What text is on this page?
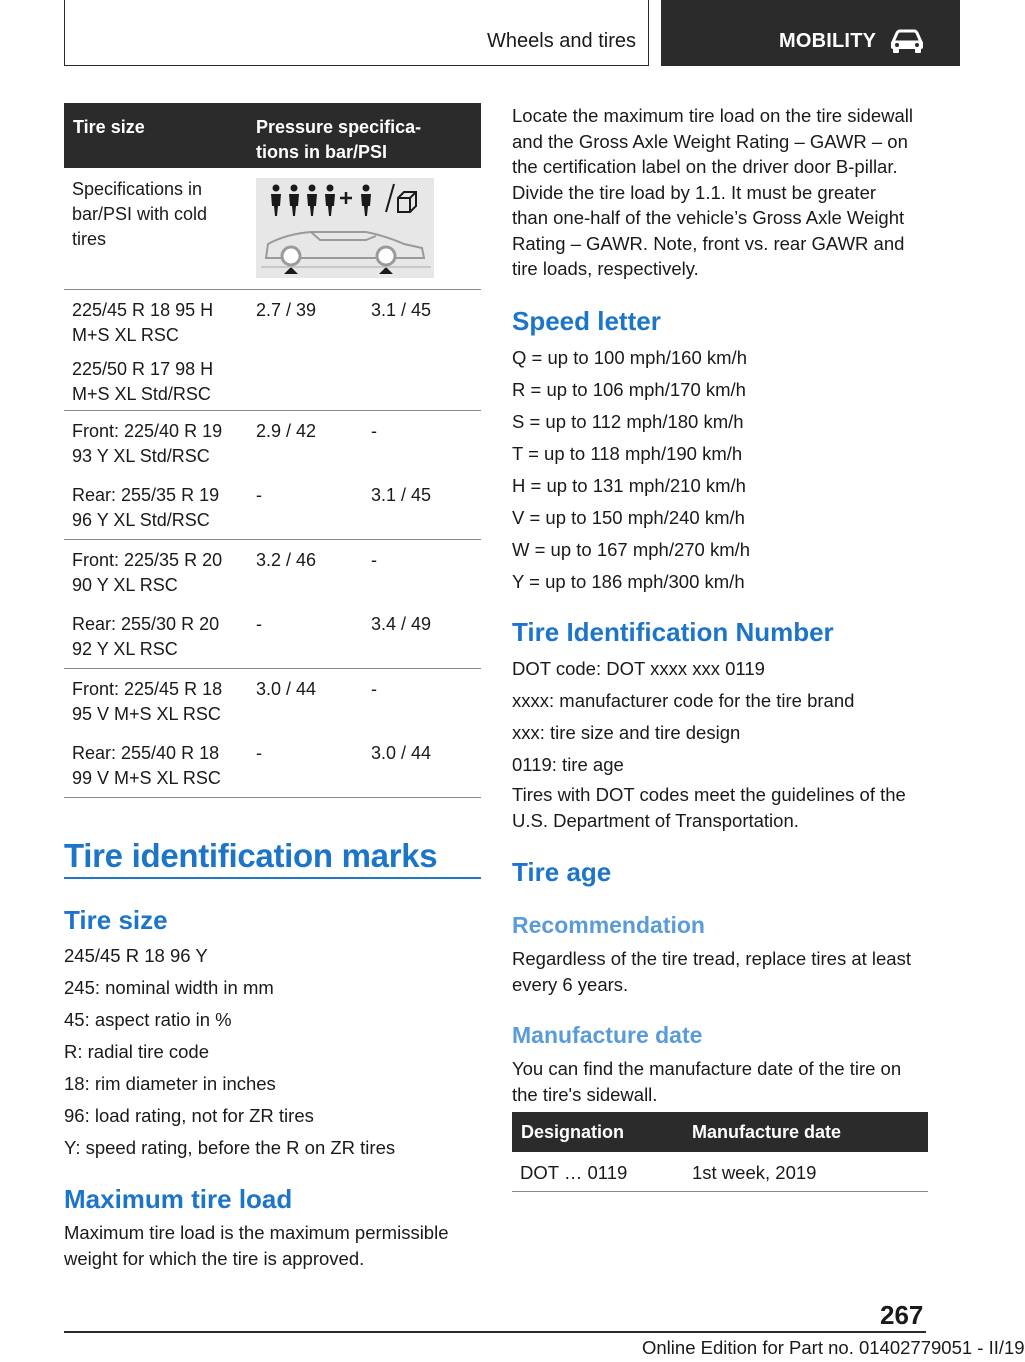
Wheels and tires	MOBILITY
Tire size	Pressure specifica-
tions in bar/PSI
Specifications in
bar/PSI with cold
tires
225/45 R 18 95 H
M+S XL RSC
225/50 R 17 98 H
M+S XL Std/RSC
2.7 / 39	3.1 / 45
Front: 225/40 R 19
93 Y XL Std/RSC
2.9 / 42	-
Rear: 255/35 R 19
96 Y XL Std/RSC
-	3.1 / 45
Front: 225/35 R 20
90 Y XL RSC
3.2 / 46	-
Rear: 255/30 R 20
92 Y XL RSC
-	3.4 / 49
Front: 225/45 R 18
95 V M+S XL RSC
3.0 / 44	-
Rear: 255/40 R 18
99 V M+S XL RSC
-	3.0 / 44
Tire identification marks
Tire size
245/45 R 18 96 Y
245: nominal width in mm
45: aspect ratio in %
R: radial tire code
18: rim diameter in inches
96: load rating, not for ZR tires
Y: speed rating, before the R on ZR tires
Maximum tire load
Maximum tire load is the maximum permissible
weight for which the tire is approved.
Locate the maximum tire load on the tire sidewall
and the Gross Axle Weight Rating – GAWR – on
the certification label on the driver door B-pillar.
Divide the tire load by 1.1. It must be greater
than one-half of the vehicle’s Gross Axle Weight
Rating – GAWR. Note, front vs. rear GAWR and
tire loads, respectively.
Speed letter
Q = up to 100 mph/160 km/h
R = up to 106 mph/170 km/h
S = up to 112 mph/180 km/h
T = up to 118 mph/190 km/h
H = up to 131 mph/210 km/h
V = up to 150 mph/240 km/h
W = up to 167 mph/270 km/h
Y = up to 186 mph/300 km/h
Tire Identification Number
DOT code: DOT xxxx xxx 0119
xxxx: manufacturer code for the tire brand
xxx: tire size and tire design
0119: tire age
Tires with DOT codes meet the guidelines of the
U.S. Department of Transportation.
Tire age
Recommendation
Regardless of the tire tread, replace tires at least
every 6 years.
Manufacture date
You can find the manufacture date of the tire on
the tire's sidewall.
Designation	Manufacture date
DOT … 0119	1st week, 2019
267
Online Edition for Part no. 01402779051 - II/19
